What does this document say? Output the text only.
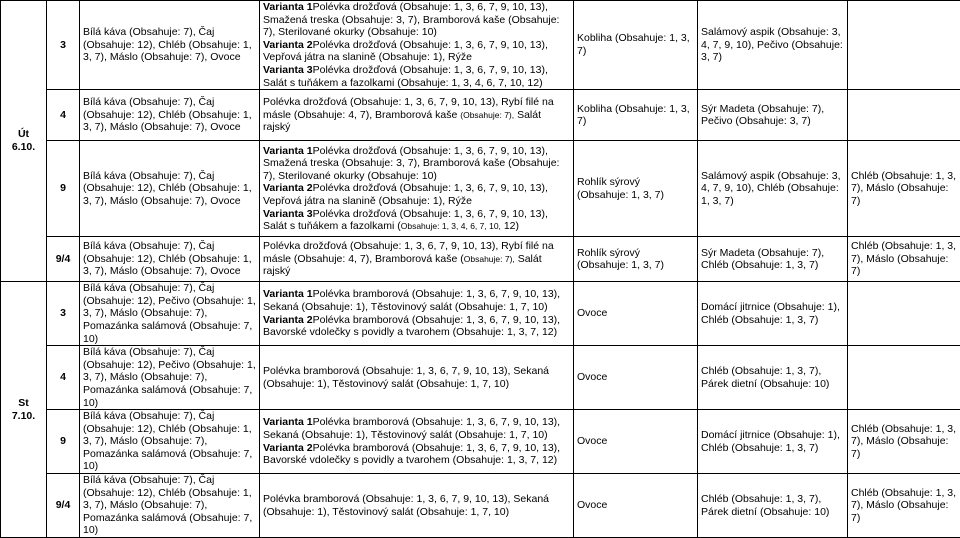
Út
6.10.	3	Bílá káva (Obsahuje: 7), Čaj (Obsahuje: 12), Chléb (Obsahuje: 1, 3, 7), Máslo (Obsahuje: 7), Ovoce	Varianta 1Polévka drožďová (Obsahuje: 1, 3, 6, 7, 9, 10, 13), Smažená treska (Obsahuje: 3, 7), Bramborová kaše (Obsahuje: 7), Sterilované okurky (Obsahuje: 10)
Varianta 2Polévka drožďová (Obsahuje: 1, 3, 6, 7, 9, 10, 13), Vepřová játra na slanině (Obsahuje: 1), Rýže
Varianta 3Polévka drožďová (Obsahuje: 1, 3, 6, 7, 9, 10, 13), Salát s tuňákem a fazolkami (Obsahuje: 1, 3, 4, 6, 7, 10, 12)	Kobliha (Obsahuje: 1, 3, 7)	Salámový aspik (Obsahuje: 3, 4, 7, 9, 10), Pečivo (Obsahuje: 3, 7)	
	4	Bílá káva (Obsahuje: 7), Čaj (Obsahuje: 12), Chléb (Obsahuje: 1, 3, 7), Máslo (Obsahuje: 7), Ovoce	Polévka drožďová (Obsahuje: 1, 3, 6, 7, 9, 10, 13), Rybí filé na másle (Obsahuje: 4, 7), Bramborová kaše (Obsahuje: 7), Salát rajský	Kobliha (Obsahuje: 1, 3, 7)	Sýr Madeta (Obsahuje: 7), Pečivo (Obsahuje: 3, 7)	
	9	Bílá káva (Obsahuje: 7), Čaj (Obsahuje: 12), Chléb (Obsahuje: 1, 3, 7), Máslo (Obsahuje: 7), Ovoce	Varianta 1Polévka drožďová (Obsahuje: 1, 3, 6, 7, 9, 10, 13), Smažená treska (Obsahuje: 3, 7), Bramborová kaše (Obsahuje: 7), Sterilované okurky (Obsahuje: 10)
Varianta 2Polévka drožďová (Obsahuje: 1, 3, 6, 7, 9, 10, 13), Vepřová játra na slanině (Obsahuje: 1), Rýže
Varianta 3Polévka drožďová (Obsahuje: 1, 3, 6, 7, 9, 10, 13), Salát s tuňákem a fazolkami (Obsahuje: 1, 3, 4, 6, 7, 10, 12)	Rohlík sýrový (Obsahuje: 1, 3, 7)	Salámový aspik (Obsahuje: 3, 4, 7, 9, 10), Chléb (Obsahuje: 1, 3, 7)	Chléb (Obsahuje: 1, 3, 7), Máslo (Obsahuje: 7)
	9/4	Bílá káva (Obsahuje: 7), Čaj (Obsahuje: 12), Chléb (Obsahuje: 1, 3, 7), Máslo (Obsahuje: 7), Ovoce	Polévka drožďová (Obsahuje: 1, 3, 6, 7, 9, 10, 13), Rybí filé na másle (Obsahuje: 4, 7), Bramborová kaše (Obsahuje: 7), Salát rajský	Rohlík sýrový (Obsahuje: 1, 3, 7)	Sýr Madeta (Obsahuje: 7), Chléb (Obsahuje: 1, 3, 7)	Chléb (Obsahuje: 1, 3, 7), Máslo (Obsahuje: 7)

St
7.10.	3	Bílá káva (Obsahuje: 7), Čaj (Obsahuje: 12), Pečivo (Obsahuje: 1, 3, 7), Máslo (Obsahuje: 7), Pomazánka salámová (Obsahuje: 7, 10)	Varianta 1Polévka bramborová (Obsahuje: 1, 3, 6, 7, 9, 10, 13), Sekaná (Obsahuje: 1), Těstovinový salát (Obsahuje: 1, 7, 10)
Varianta 2Polévka bramborová (Obsahuje: 1, 3, 6, 7, 9, 10, 13), Bavorské vdolečky s povidly a tvarohem (Obsahuje: 1, 3, 7, 12)	Ovoce	Domácí jitrnice (Obsahuje: 1), Chléb (Obsahuje: 1, 3, 7)	
	4	Bílá káva (Obsahuje: 7), Čaj (Obsahuje: 12), Pečivo (Obsahuje: 1, 3, 7), Máslo (Obsahuje: 7), Pomazánka salámová (Obsahuje: 7, 10)	Polévka bramborová (Obsahuje: 1, 3, 6, 7, 9, 10, 13), Sekaná (Obsahuje: 1), Těstovinový salát (Obsahuje: 1, 7, 10)	Ovoce	Chléb (Obsahuje: 1, 3, 7), Párek dietní (Obsahuje: 10)	
	9	Bílá káva (Obsahuje: 7), Čaj (Obsahuje: 12), Chléb (Obsahuje: 1, 3, 7), Máslo (Obsahuje: 7), Pomazánka salámová (Obsahuje: 7, 10)	Varianta 1Polévka bramborová (Obsahuje: 1, 3, 6, 7, 9, 10, 13), Sekaná (Obsahuje: 1), Těstovinový salát (Obsahuje: 1, 7, 10)
Varianta 2Polévka bramborová (Obsahuje: 1, 3, 6, 7, 9, 10, 13), Bavorské vdolečky s povidly a tvarohem (Obsahuje: 1, 3, 7, 12)	Ovoce	Domácí jitrnice (Obsahuje: 1), Chléb (Obsahuje: 1, 3, 7)	Chléb (Obsahuje: 1, 3, 7), Máslo (Obsahuje: 7)
	9/4	Bílá káva (Obsahuje: 7), Čaj (Obsahuje: 12), Chléb (Obsahuje: 1, 3, 7), Máslo (Obsahuje: 7), Pomazánka salámová (Obsahuje: 7, 10)	Polévka bramborová (Obsahuje: 1, 3, 6, 7, 9, 10, 13), Sekaná (Obsahuje: 1), Těstovinový salát (Obsahuje: 1, 7, 10)	Ovoce	Chléb (Obsahuje: 1, 3, 7), Párek dietní (Obsahuje: 10)	Chléb (Obsahuje: 1, 3, 7), Máslo (Obsahuje: 7)
